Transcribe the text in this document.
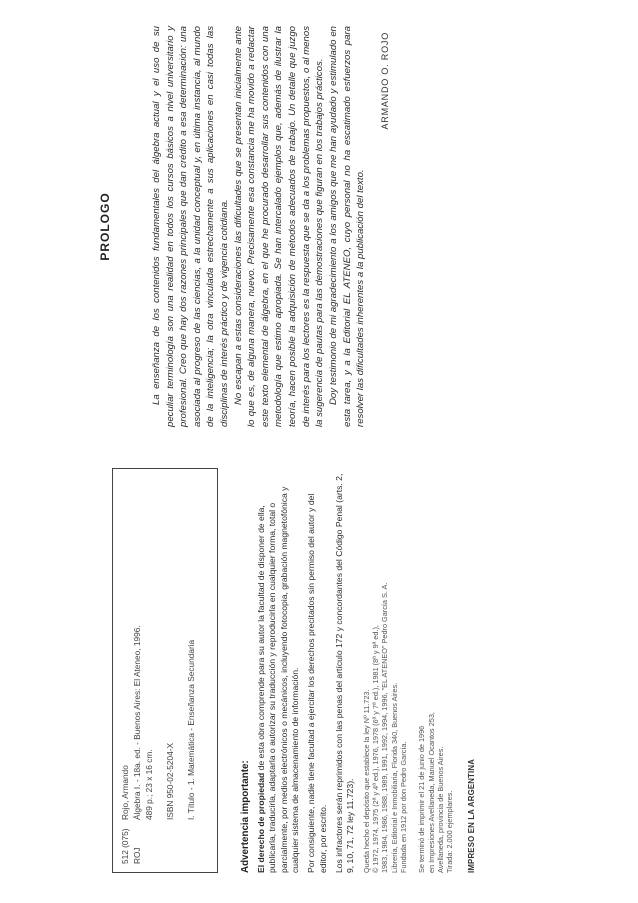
512 (075)
Rojo, Armando
ROJ
Álgebra I. - 18a. ed. - Buenos Aires: El Ateneo, 1996. 489 p.; 23 x 16 cm. ISBN 950-02-5204-X I. Título - 1. Matemática - Enseñanza Secundaria	Advertencia importante: El derecho de propiedad de esta obra comprende para su autor la facultad de disponer de ella, publicarla, traducirla, adaptarla o autorizar su traducción y reproducirla en cualquier forma, total o parcialmente, por medios electrónicos o mecánicos, incluyendo fotocopia, grabación magnetofónica y cualquier sistema de almacenamiento de información. Por consiguiente, nadie tiene facultad a ejercitar los derechos precitados sin permiso del autor y del editor, por escrito. Los infractores serán reprimidos con las penas del artículo 172 y concordantes del Código Penal (arts. 2, 9, 10, 71, 72 ley 11.723). Queda hecho el depósito que establece la ley Nº 11.723. © 1972, 1974, 1975 (2ª y 4ª ed.), 1976, 1978 (6ª y 7ª ed.), 1981 (8ª y 9ª ed.), 1983, 1984, 1986, 1988, 1989, 1991, 1992, 1994, 1996, "EL ATENEO" Pedro García S. A. Librería, Editorial e Inmobiliaria, Florida 340, Buenos Aires. Fundada en 1912 por don Pedro García. Se terminó de imprimir el 21 de junio de 1996 en Impresiones Avellaneda, Manuel Ocantos 253, Avellaneda, provincia de Buenos Aires. Tirada: 2.000 ejemplares. IMPRESO EN LA ARGENTINA
PROLOGO	La enseñanza de los contenidos fundamentales del álgebra actual y el uso de su peculiar terminología son una realidad en todos los cursos básicos a nivel universitario y profesional. Creo que hay dos razones principales que dan crédito a esa determinación: una asociada al progreso de las ciencias, a la unidad conceptual y, en última instancia, al mundo de la inteligencia; la otra vinculada estrechamente a sus aplicaciones en casi todas las disciplinas de interés práctico y de vigencia cotidiana. No escapan a estas consideraciones las dificultades que se presentan inicialmente ante lo que es, de alguna manera, nuevo. Precisamente esa constancia me ha movido a redactar este texto elemental de álgebra, en el que he procurado desarrollar sus contenidos con una metodología que estimo apropiada. Se han intercalado ejemplos que, además de ilustrar la teoría, hacen posible la adquisición de métodos adecuados de trabajo. Un detalle que juzgo de interés para los lectores es la respuesta que se da a los problemas propuestos, o al menos la sugerencia de pautas para las demostraciones que figuran en los trabajos prácticos. Doy testimonio de mi agradecimiento a los amigos que me han ayudado y estimulado en esta tarea, y a la Editorial EL ATENEO, cuyo personal no ha escatimado esfuerzos para resolver las dificultades inherentes a la publicación del texto.

ARMANDO O. ROJO
